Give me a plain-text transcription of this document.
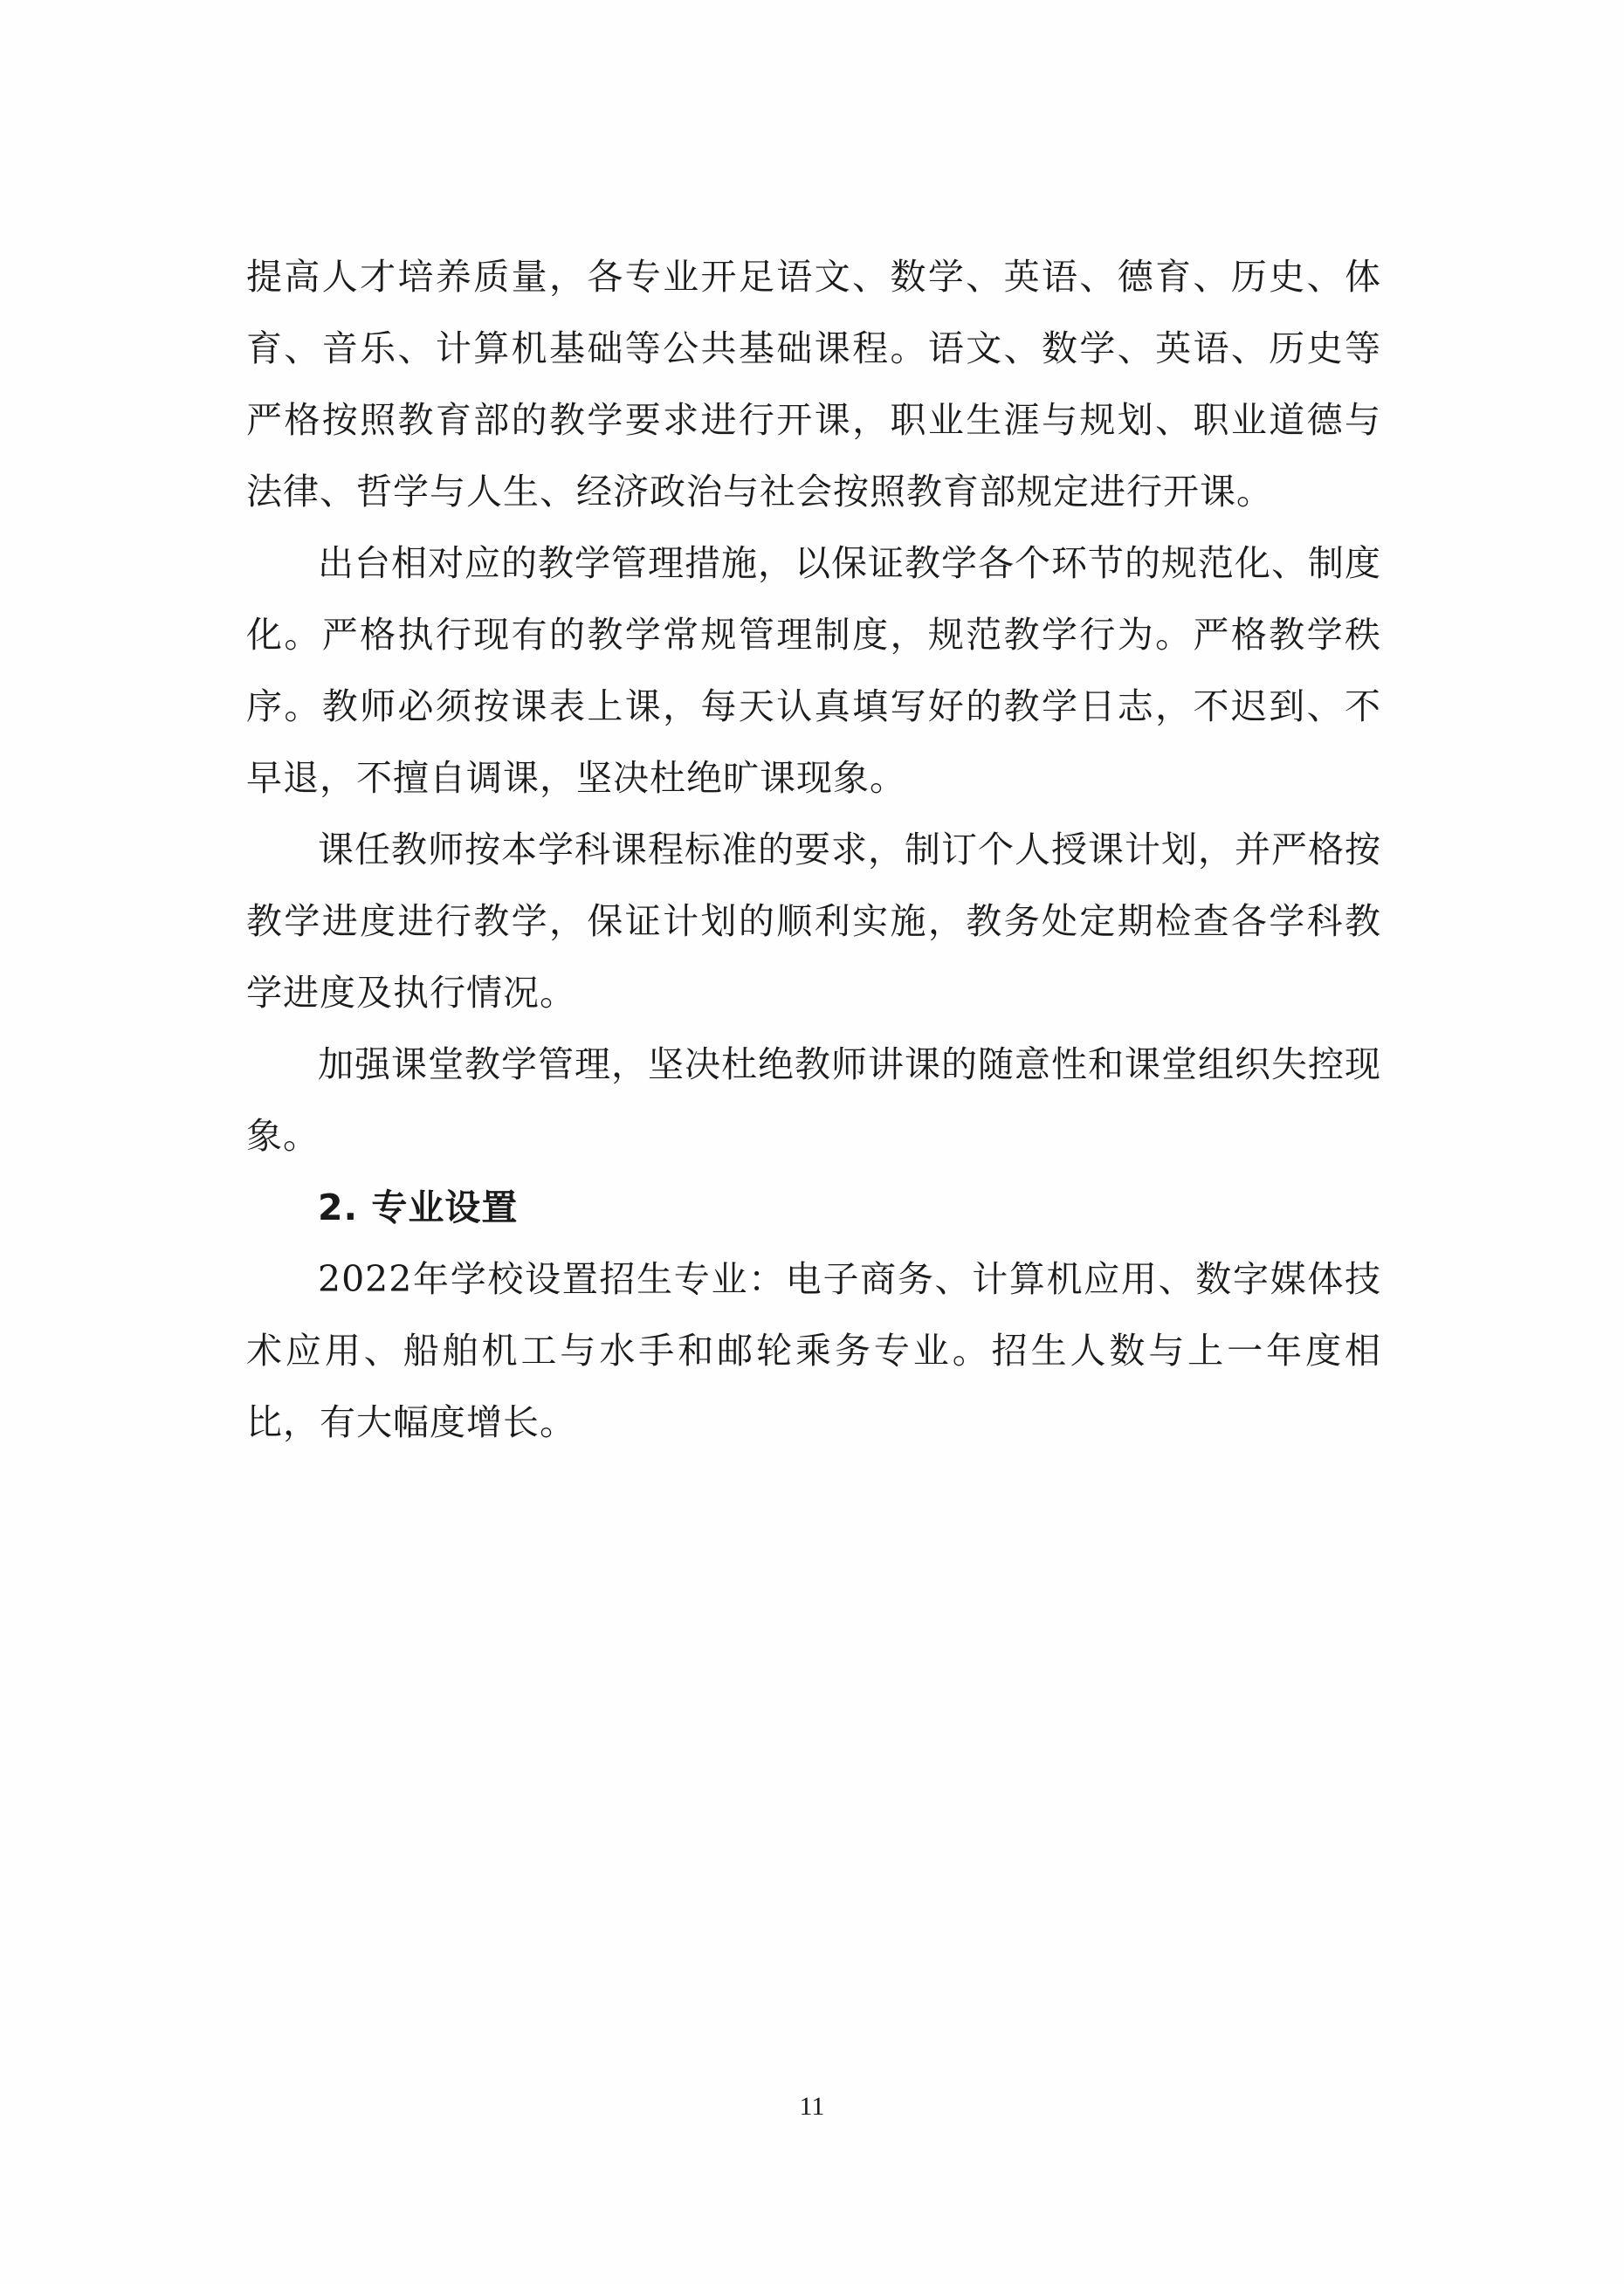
提高人才培养质量，各专业开足语文、数学、英语、德育、历史、体育、音乐、计算机基础等公共基础课程。语文、数学、英语、历史等严格按照教育部的教学要求进行开课，职业生涯与规划、职业道德与法律、哲学与人生、经济政治与社会按照教育部规定进行开课。

出台相对应的教学管理措施，以保证教学各个环节的规范化、制度化。严格执行现有的教学常规管理制度，规范教学行为。严格教学秩序。教师必须按课表上课，每天认真填写好的教学日志，不迟到、不早退，不擅自调课，坚决杜绝旷课现象。

课任教师按本学科课程标准的要求，制订个人授课计划，并严格按教学进度进行教学，保证计划的顺利实施，教务处定期检查各学科教学进度及执行情况。

加强课堂教学管理，坚决杜绝教师讲课的随意性和课堂组织失控现象。

2. 专业设置

2022年学校设置招生专业：电子商务、计算机应用、数字媒体技术应用、船舶机工与水手和邮轮乘务专业。招生人数与上一年度相比，有大幅度增长。

11
